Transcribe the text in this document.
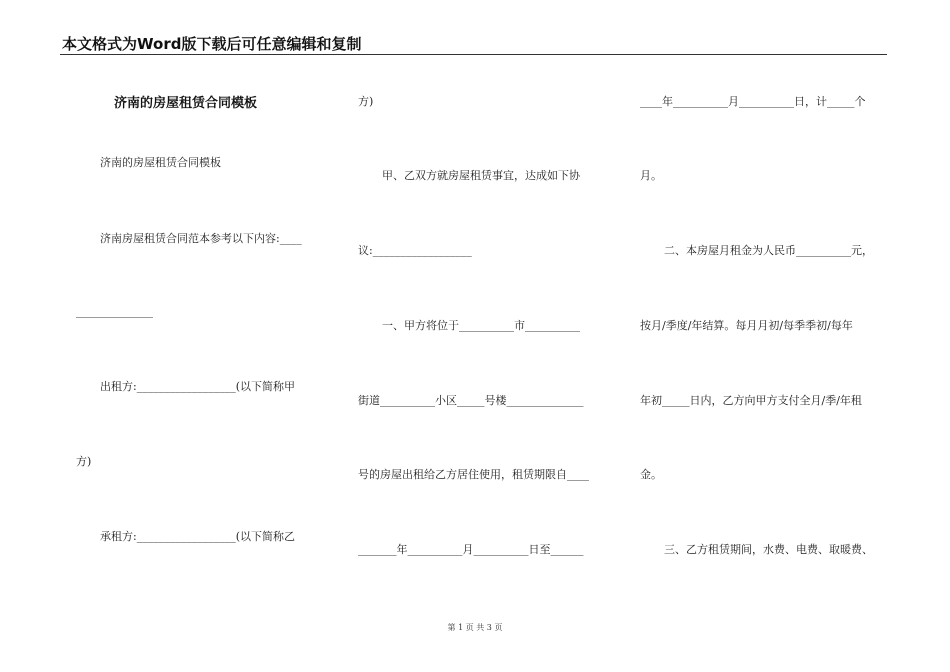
本文格式为Word版下载后可任意编辑和复制
济南的房屋租赁合同模板
济南的房屋租赁合同模板
济南房屋租赁合同范本参考以下内容:____
______________
出租方:__________________(以下简称甲
方)
承租方:__________________(以下简称乙
方)
甲、乙双方就房屋租赁事宜，达成如下协
议:__________________
一、甲方将位于__________市__________
街道__________小区_____号楼______________
号的房屋出租给乙方居住使用，租赁期限自____
_______年__________月__________日至______
____年__________月__________日，计_____个
月。
二、本房屋月租金为人民币__________元，
按月/季度/年结算。每月月初/每季季初/每年
年初_____日内，乙方向甲方支付全月/季/年租
金。
三、乙方租赁期间，水费、电费、取暖费、
第 1 页 共 3 页
